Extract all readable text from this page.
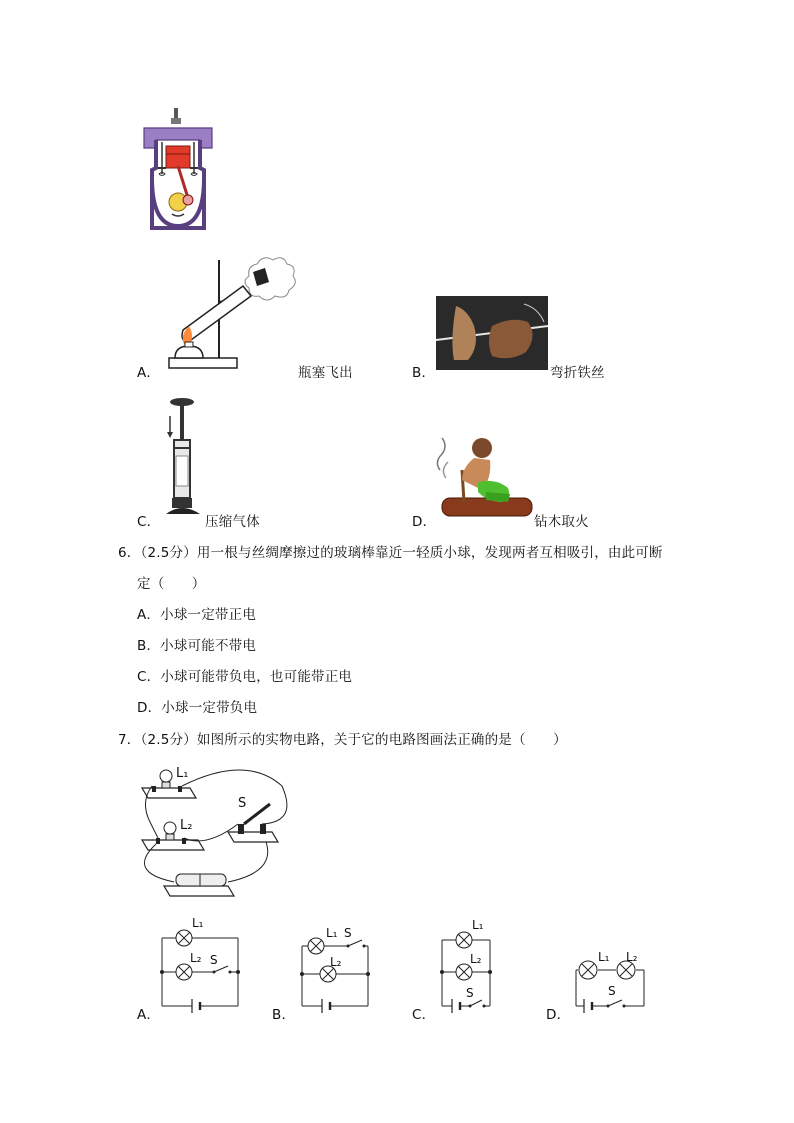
A．	瓶塞飞出	B．	弯折铁丝
C．	压缩气体	D．	钻木取火
6．（2.5分）用一根与丝绸摩擦过的玻璃棒靠近一轻质小球，发现两者互相吸引，由此可断
定（　　）
A．小球一定带正电
B．小球可能不带电
C．小球可能带负电，也可能带正电
D．小球一定带负电
7．（2.5分）如图所示的实物电路，关于它的电路图画法正确的是（　　）
L₁
L₂
S
L₁
L₂ S
A．
L₁ S
L₂
B．
L₁
L₂
S
C．
L₁ L₂
S
D．
